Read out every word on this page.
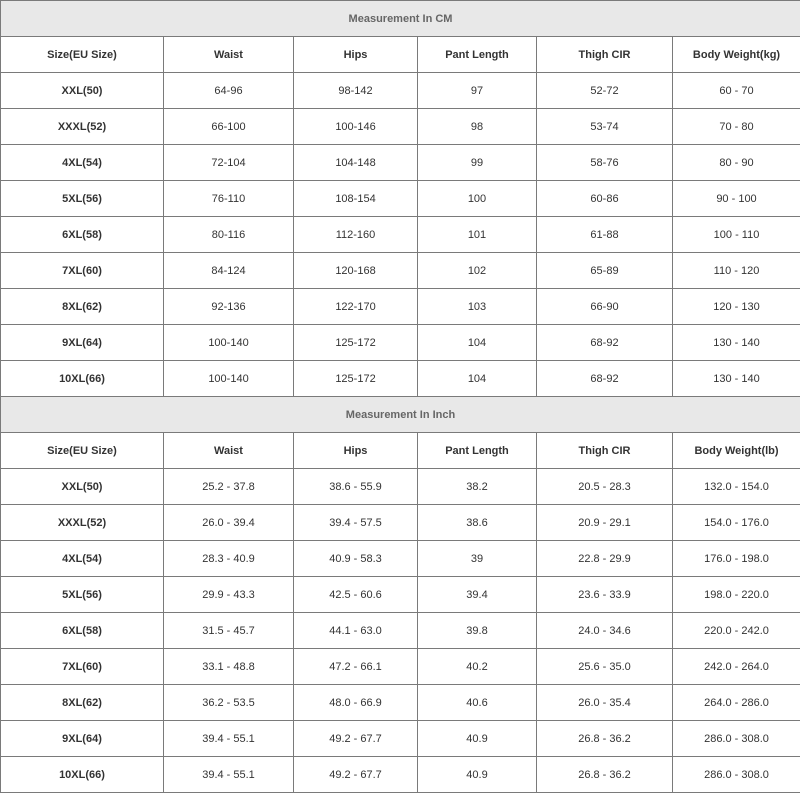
Measurement In CM					
Size(EU Size)	Waist	Hips	Pant Length	Thigh CIR	Body Weight(kg)
XXL(50)	64-96	98-142	97	52-72	60 - 70
XXXL(52)	66-100	100-146	98	53-74	70 - 80
4XL(54)	72-104	104-148	99	58-76	80 - 90
5XL(56)	76-110	108-154	100	60-86	90 - 100
6XL(58)	80-116	112-160	101	61-88	100 - 110
7XL(60)	84-124	120-168	102	65-89	110 - 120
8XL(62)	92-136	122-170	103	66-90	120 - 130
9XL(64)	100-140	125-172	104	68-92	130 - 140
10XL(66)	100-140	125-172	104	68-92	130 - 140
Measurement In Inch					
Size(EU Size)	Waist	Hips	Pant Length	Thigh CIR	Body Weight(lb)
XXL(50)	25.2 - 37.8	38.6 - 55.9	38.2	20.5 - 28.3	132.0 - 154.0
XXXL(52)	26.0 - 39.4	39.4 - 57.5	38.6	20.9 - 29.1	154.0 - 176.0
4XL(54)	28.3 - 40.9	40.9 - 58.3	39	22.8 - 29.9	176.0 - 198.0
5XL(56)	29.9 - 43.3	42.5 - 60.6	39.4	23.6 - 33.9	198.0 - 220.0
6XL(58)	31.5 - 45.7	44.1 - 63.0	39.8	24.0 - 34.6	220.0 - 242.0
7XL(60)	33.1 - 48.8	47.2 - 66.1	40.2	25.6 - 35.0	242.0 - 264.0
8XL(62)	36.2 - 53.5	48.0 - 66.9	40.6	26.0 - 35.4	264.0 - 286.0
9XL(64)	39.4 - 55.1	49.2 - 67.7	40.9	26.8 - 36.2	286.0 - 308.0
10XL(66)	39.4 - 55.1	49.2 - 67.7	40.9	26.8 - 36.2	286.0 - 308.0
